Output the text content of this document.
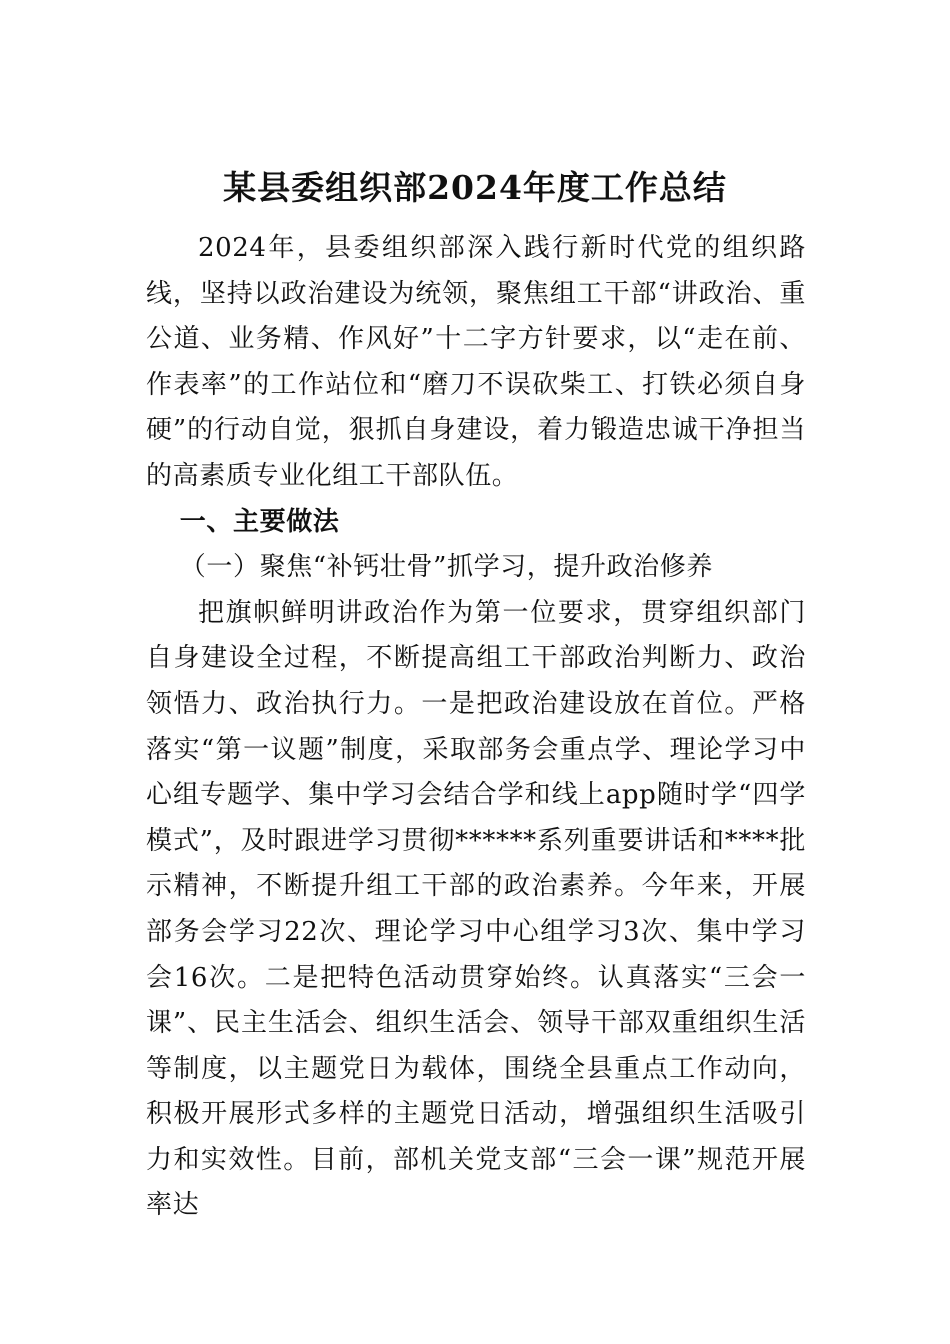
某县委组织部2024年度工作总结

2024年，县委组织部深入践行新时代党的组织路线，坚持以政治建设为统领，聚焦组工干部“讲政治、重公道、业务精、作风好”十二字方针要求，以“走在前、作表率”的工作站位和“磨刀不误砍柴工、打铁必须自身硬”的行动自觉，狠抓自身建设，着力锻造忠诚干净担当的高素质专业化组工干部队伍。

一、主要做法

（一）聚焦“补钙壮骨”抓学习，提升政治修养

把旗帜鲜明讲政治作为第一位要求，贯穿组织部门自身建设全过程，不断提高组工干部政治判断力、政治领悟力、政治执行力。一是把政治建设放在首位。严格落实“第一议题”制度，采取部务会重点学、理论学习中心组专题学、集中学习会结合学和线上app随时学“四学模式”，及时跟进学习贯彻******系列重要讲话和****批示精神，不断提升组工干部的政治素养。今年来，开展部务会学习22次、理论学习中心组学习3次、集中学习会16次。二是把特色活动贯穿始终。认真落实“三会一课”、民主生活会、组织生活会、领导干部双重组织生活等制度，以主题党日为载体，围绕全县重点工作动向，积极开展形式多样的主题党日活动，增强组织生活吸引力和实效性。目前，部机关党支部“三会一课”规范开展率达
